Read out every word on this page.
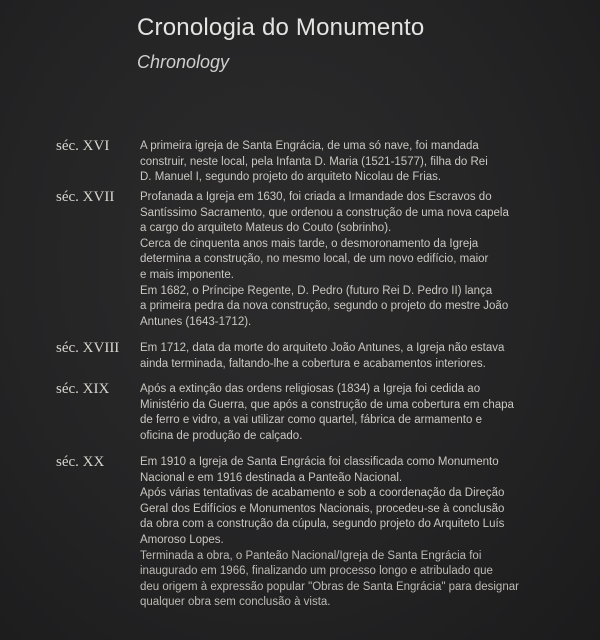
Cronologia do Monumento
Chronology
séc. XVI	A primeira igreja de Santa Engrácia, de uma só nave, foi mandada

construir, neste local, pela Infanta D. Maria (1521-1577), filha do Rei

D. Manuel I, segundo projeto do arquiteto Nicolau de Frias.

séc. XVII Profanada a Igreja em 1630, foi criada a Irmandade dos Escravos do

Santíssimo Sacramento, que ordenou a construção de uma nova capela

a cargo do arquiteto Mateus do Couto (sobrinho).

Cerca de cinquenta anos mais tarde, o desmoronamento da Igreja

determina a construção, no mesmo local, de um novo edifício, maior

e mais imponente.

Em 1682, o Príncipe Regente, D. Pedro (futuro Rei D. Pedro II) lança

a primeira pedra da nova construção, segundo o projeto do mestre João

Antunes (1643-1712).

séc. XVIII Em 1712, data da morte do arquiteto João Antunes, a Igreja não estava

ainda terminada, faltando-lhe a cobertura e acabamentos interiores.

séc. XIX	Após a extinção das ordens religiosas (1834) a Igreja foi cedida ao

Ministério da Guerra, que após a construção de uma cobertura em chapa

de ferro e vidro, a vai utilizar como quartel, fábrica de armamento e

oficina de produção de calçado.

séc. XX	Em 1910 a Igreja de Santa Engrácia foi classificada como Monumento

Nacional e em 1916 destinada a Panteão Nacional.

Após várias tentativas de acabamento e sob a coordenação da Direção

Geral dos Edifícios e Monumentos Nacionais, procedeu-se à conclusão

da obra com a construção da cúpula, segundo projeto do Arquiteto Luís

Amoroso Lopes.

Terminada a obra, o Panteão Nacional/Igreja de Santa Engrácia foi

inaugurado em 1966, finalizando um processo longo e atribulado que

deu origem à expressão popular "Obras de Santa Engrácia" para designar

qualquer obra sem conclusão à vista.
